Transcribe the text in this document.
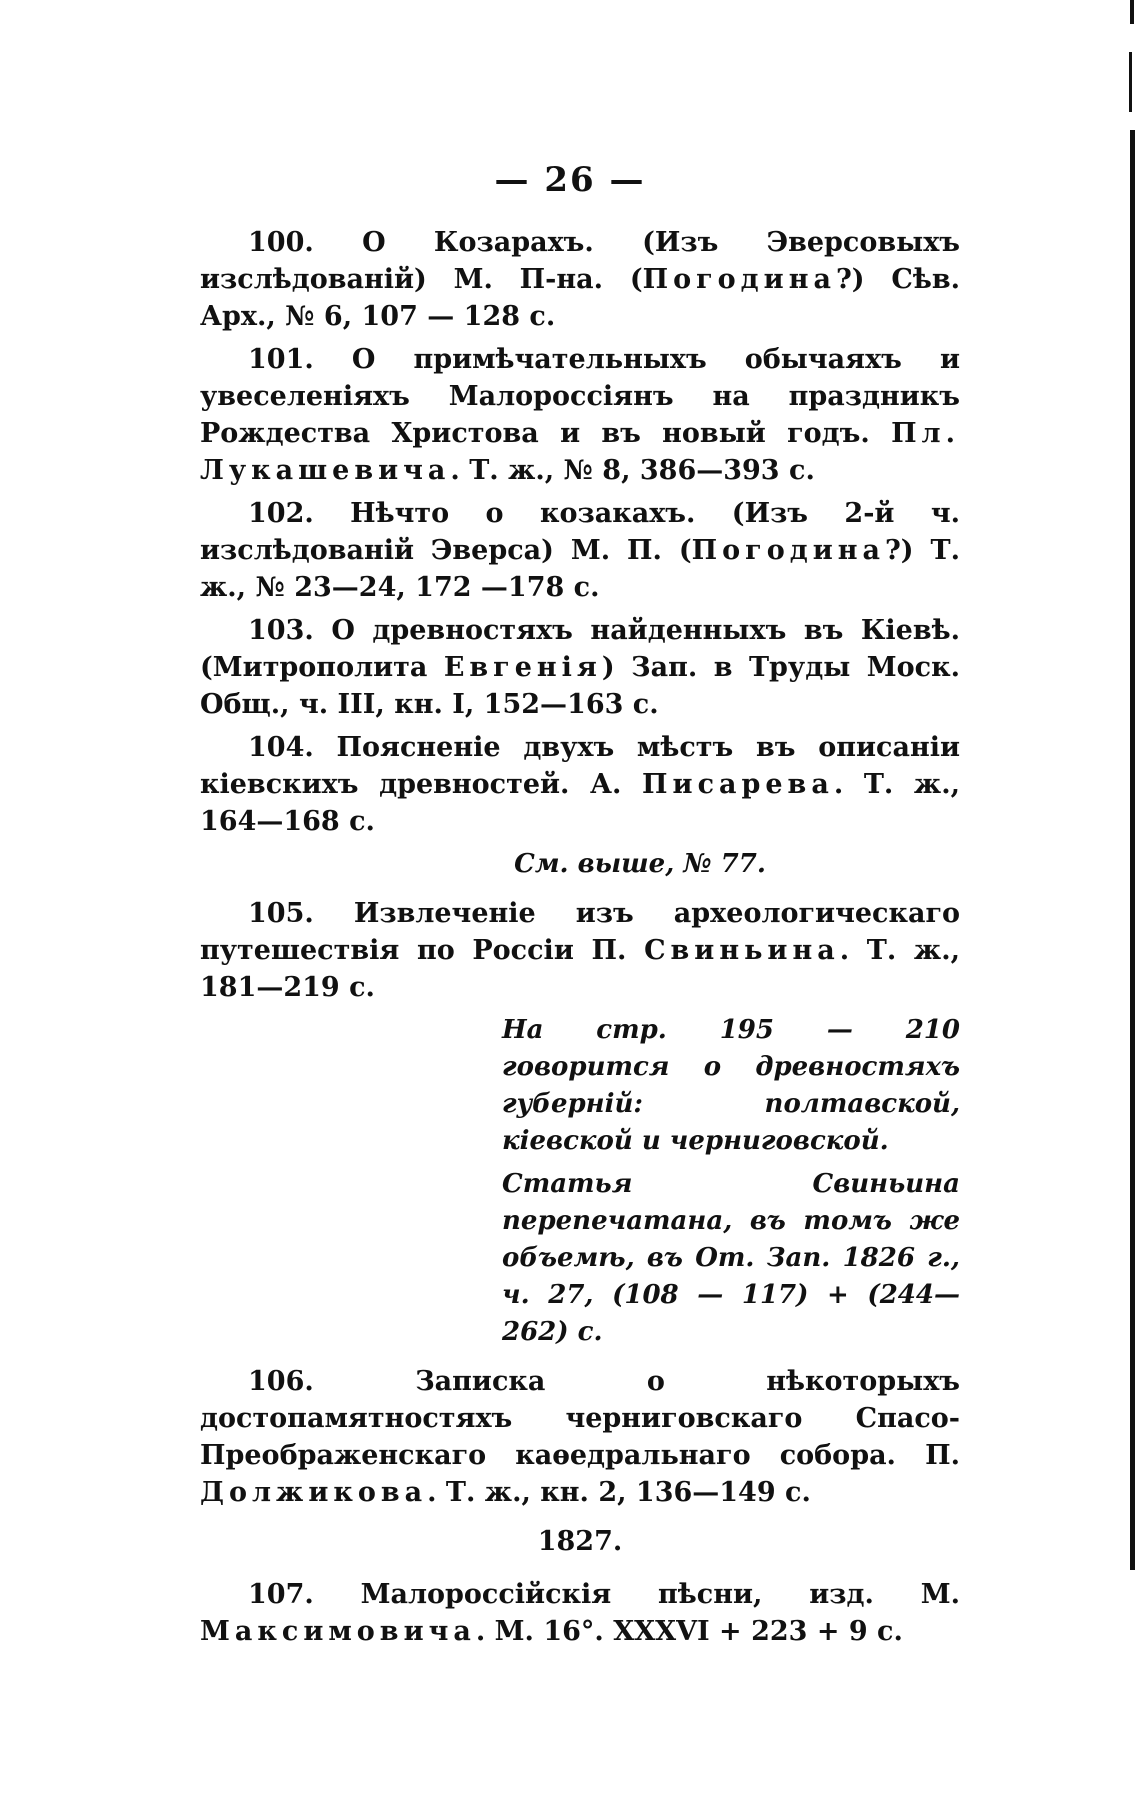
— 26 —

100. О Козарахъ. (Изъ Эверсовыхъ изслѣдованій) М. П-на. (Погодина?) Сѣв. Арх., № 6, 107 — 128 с.

101. О примѣчательныхъ обычаяхъ и увеселеніяхъ Малороссіянъ на праздникъ Рождества Христова и въ новый годъ. Пл. Лукашевича. Т. ж., № 8, 386—393 с.

102. Нѣчто о козакахъ. (Изъ 2-й ч. изслѣдованій Эверса) М. П. (Погодина?) Т. ж., № 23—24, 172 —178 с.

103. О древностяхъ найденныхъ въ Кіевѣ. (Митрополита Евгенія) Зап. в Труды Моск. Общ., ч. III, кн. I, 152—163 с.

104. Поясненіе двухъ мѣстъ въ описаніи кіевскихъ древностей. А. Писарева. Т. ж., 164—168 с.

См. выше, № 77.

105. Извлеченіе изъ археологическаго путешествія по Россіи П. Свиньина. Т. ж., 181—219 с.

На стр. 195 — 210 говорится о древностяхъ губерній: полтавской, кіевской и черниговской.

Статья Свиньина перепечатана, въ томъ же объемѣ, въ От. Зап. 1826 г., ч. 27, (108 — 117) + (244—262) с.

106.	Записка о нѣкоторыхъ достопамятностяхъ черниговскаго Спасо-Преображенскаго каѳедральнаго собора. П. Должикова. Т. ж., кн. 2, 136—149 с.

1827.

107. Малороссійскія пѣсни, изд. М. Максимовича. М. 16°. XXXVI + 223 + 9 с.
